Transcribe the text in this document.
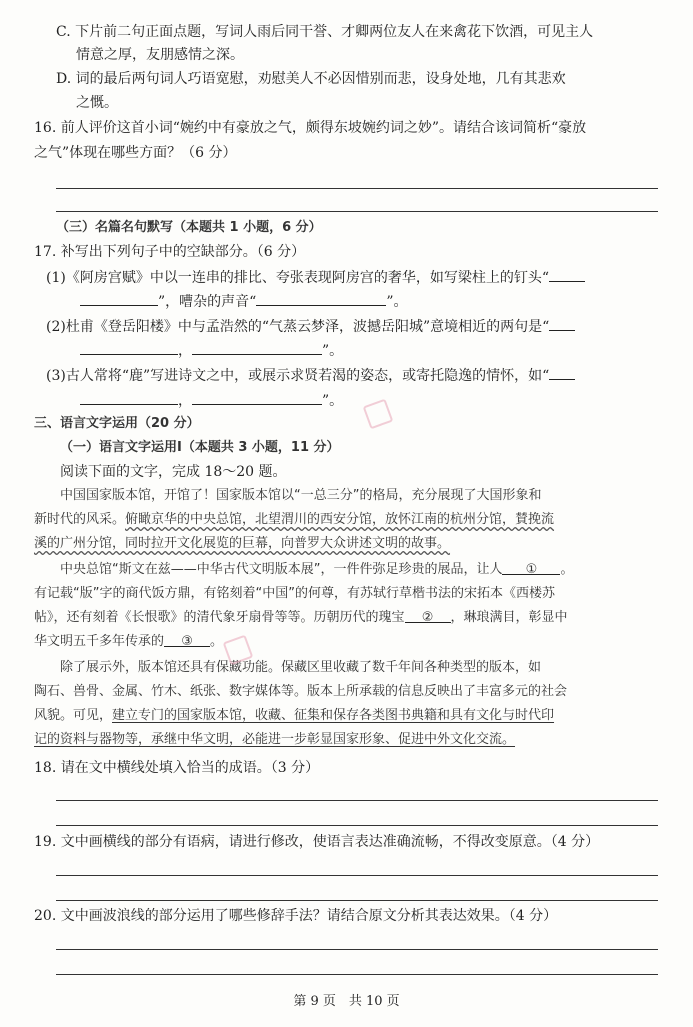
C. 下片前二句正面点题，写词人雨后同干誉、才卿两位友人在来禽花下饮酒，可见主人
情意之厚，友朋感情之深。
D. 词的最后两句词人巧语宽慰，劝慰美人不必因惜别而悲，设身处地，几有其悲欢
之慨。
16. 前人评价这首小词“婉约中有豪放之气，颇得东坡婉约词之妙”。请结合该词简析“豪放
之气”体现在哪些方面？（6 分）
（三）名篇名句默写（本题共 1 小题，6 分）
17. 补写出下列句子中的空缺部分。（6 分）
(1)《阿房宫赋》中以一连串的排比、夸张表现阿房宫的奢华，如写梁柱上的钉头“
”，嘈杂的声音“	”。
(2)杜甫《登岳阳楼》中与孟浩然的“气蒸云梦泽，波撼岳阳城”意境相近的两句是“
，	”。
(3)古人常将“鹿”写进诗文之中，或展示求贤若渴的姿态，或寄托隐逸的情怀，如“
，	”。
三、语言文字运用（20 分）
（一）语言文字运用Ⅰ（本题共 3 小题，11 分）
阅读下面的文字，完成 18～20 题。
中国国家版本馆，开馆了！国家版本馆以“一总三分”的格局，充分展现了大国形象和
新时代的风采。俯瞰京华的中央总馆，北望渭川的西安分馆，放怀江南的杭州分馆，賛挽流
溪的广州分馆，同时拉开文化展览的巨幕，向普罗大众讲述文明的故事。
中央总馆“斯文在兹——中华古代文明版本展”，一件件弥足珍贵的展品，让人 ① 。
有记载“版”字的商代饭方鼎，有铭刻着“中国”的何尊，有苏轼行草楷书法的宋拓本《西楼苏
帖》，还有刻着《长恨歌》的清代象牙扇骨等等。历朝历代的瑰宝 ② ，琳琅满目，彰显中
华文明五千多年传承的 ③ 。
除了展示外，版本馆还具有保藏功能。保藏区里收藏了数千年间各种类型的版本，如
陶石、兽骨、金属、竹木、纸张、数字媒体等。版本上所承载的信息反映出了丰富多元的社会
风貌。可见，建立专门的国家版本馆，收藏、征集和保存各类图书典籍和具有文化与时代印
记的资料与器物等，承继中华文明，必能进一步彰显国家形象、促进中外文化交流。
18. 请在文中横线处填入恰当的成语。（3 分）
19. 文中画横线的部分有语病，请进行修改，使语言表达准确流畅，不得改变原意。（4 分）
20. 文中画波浪线的部分运用了哪些修辞手法？请结合原文分析其表达效果。（4 分）
第 9 页　共 10 页
